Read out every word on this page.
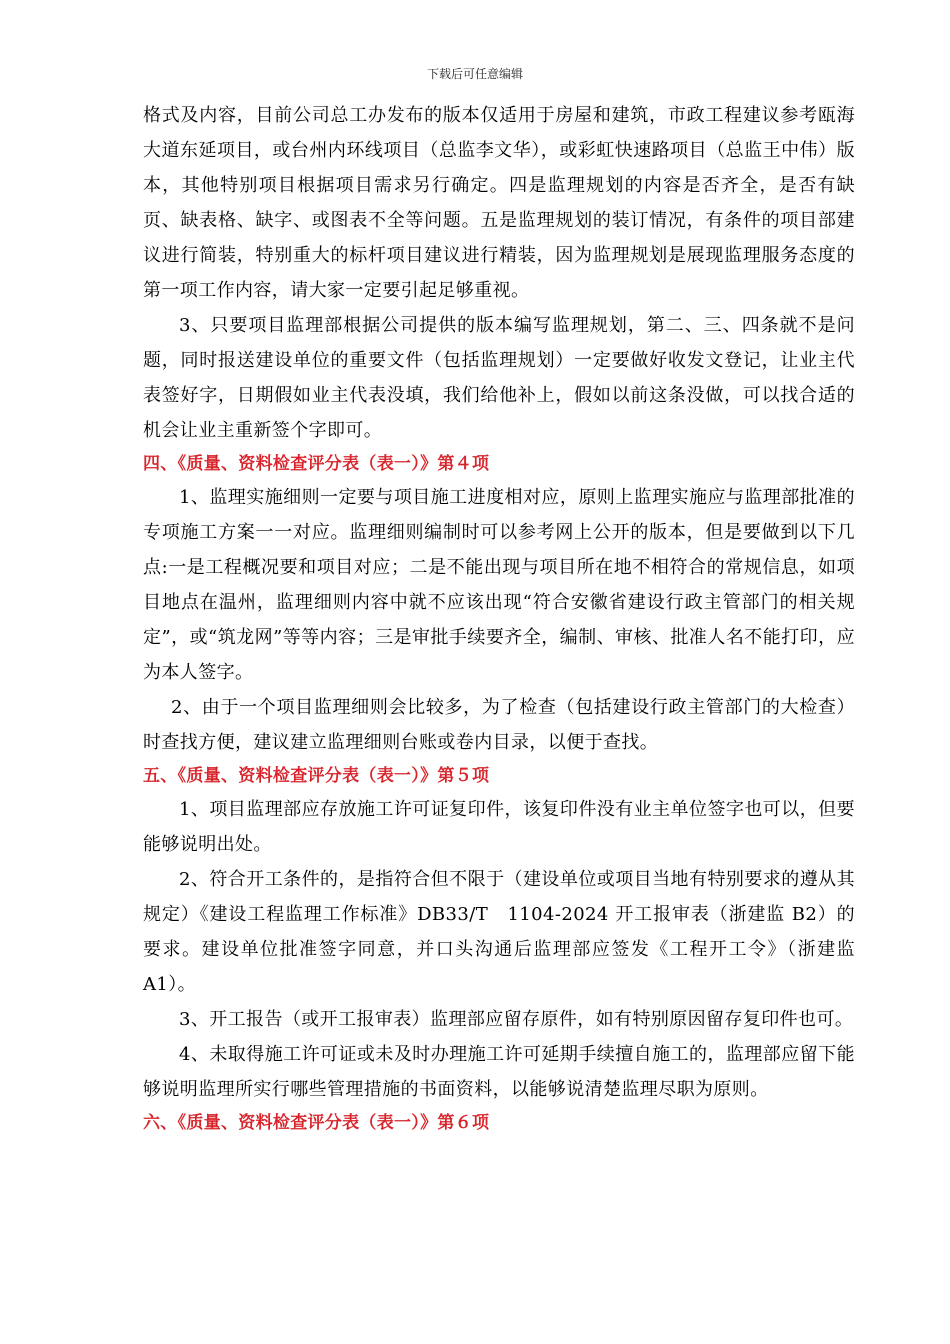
下载后可任意编辑

格式及内容，目前公司总工办发布的版本仅适用于房屋和建筑，市政工程建议参考瓯海大道东延项目，或台州内环线项目（总监李文华），或彩虹快速路项目（总监王中伟）版本，其他特别项目根据项目需求另行确定。四是监理规划的内容是否齐全，是否有缺页、缺表格、缺字、或图表不全等问题。五是监理规划的装订情况，有条件的项目部建议进行简装，特别重大的标杆项目建议进行精装，因为监理规划是展现监理服务态度的第一项工作内容，请大家一定要引起足够重视。

3、只要项目监理部根据公司提供的版本编写监理规划，第二、三、四条就不是问题，同时报送建设单位的重要文件（包括监理规划）一定要做好收发文登记，让业主代表签好字，日期假如业主代表没填，我们给他补上，假如以前这条没做，可以找合适的机会让业主重新签个字即可。

四、《质量、资料检查评分表（表一）》第４项

1、监理实施细则一定要与项目施工进度相对应，原则上监理实施应与监理部批准的专项施工方案一一对应。监理细则编制时可以参考网上公开的版本，但是要做到以下几点:一是工程概况要和项目对应；二是不能出现与项目所在地不相符合的常规信息，如项目地点在温州，监理细则内容中就不应该出现“符合安徽省建设行政主管部门的相关规定”，或“筑龙网”等等内容；三是审批手续要齐全，编制、审核、批准人名不能打印，应为本人签字。

2、由于一个项目监理细则会比较多，为了检查（包括建设行政主管部门的大检查）时查找方便，建议建立监理细则台账或卷内目录，以便于查找。

五、《质量、资料检查评分表（表一）》第５项

1、项目监理部应存放施工许可证复印件，该复印件没有业主单位签字也可以，但要能够说明出处。

2、符合开工条件的，是指符合但不限于（建设单位或项目当地有特别要求的遵从其规定）《建设工程监理工作标准》DB33/T　1104-2024 开工报审表（浙建监 B2）的要求。建设单位批准签字同意，并口头沟通后监理部应签发《工程开工令》（浙建监 A1）。

3、开工报告（或开工报审表）监理部应留存原件，如有特别原因留存复印件也可。

4、未取得施工许可证或未及时办理施工许可延期手续擅自施工的，监理部应留下能够说明监理所实行哪些管理措施的书面资料，以能够说清楚监理尽职为原则。

六、《质量、资料检查评分表（表一）》第６项
